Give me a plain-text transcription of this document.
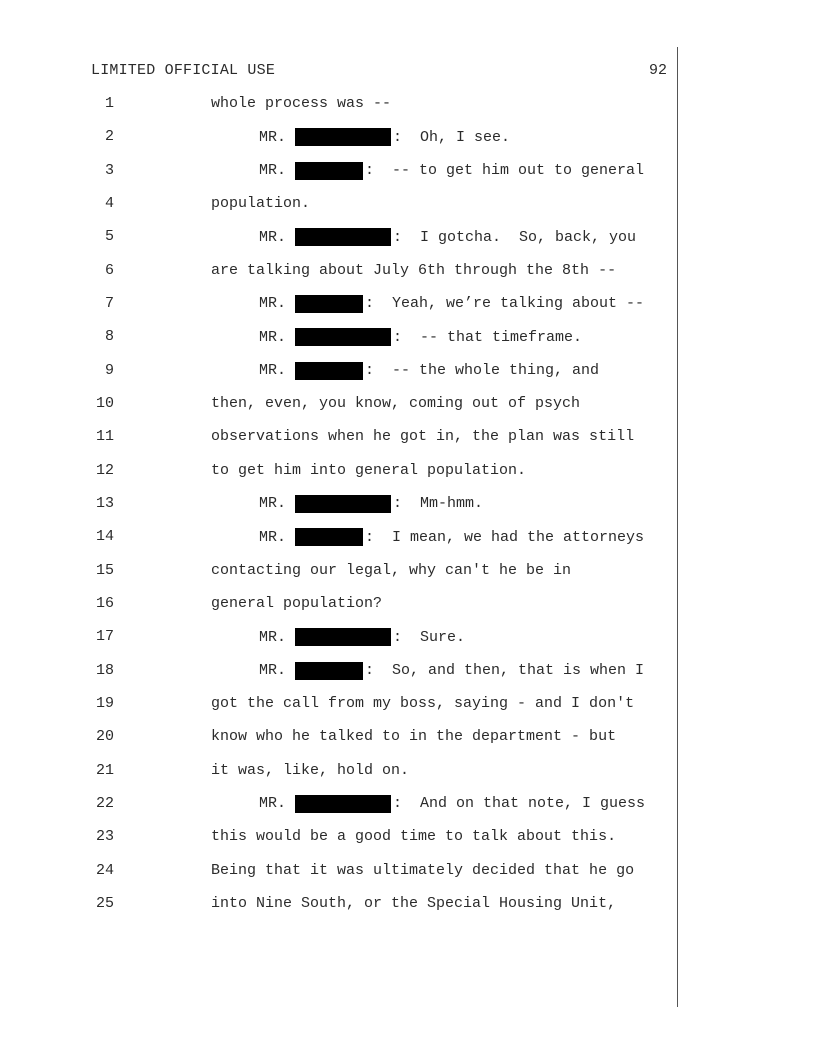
LIMITED OFFICIAL USE	92
1	whole process was --
2	MR.	:  Oh, I see.
3	MR.	:  -- to get him out to general
4	population.
5	MR.	:  I gotcha.  So, back, you
6	are talking about July 6th through the 8th --
7	MR.	:  Yeah, we’re talking about --
8	MR.	:  -- that timeframe.
9	MR.	:  -- the whole thing, and
10	then, even, you know, coming out of psych
11	observations when he got in, the plan was still
12	to get him into general population.
13	MR.	:  Mm-hmm.
14	MR.	:  I mean, we had the attorneys
15	contacting our legal, why can't he be in
16	general population?
17	MR.	:  Sure.
18	MR.	:  So, and then, that is when I
19	got the call from my boss, saying - and I don't
20	know who he talked to in the department - but
21	it was, like, hold on.
22	MR.	:  And on that note, I guess
23	this would be a good time to talk about this.
24	Being that it was ultimately decided that he go
25	into Nine South, or the Special Housing Unit,
